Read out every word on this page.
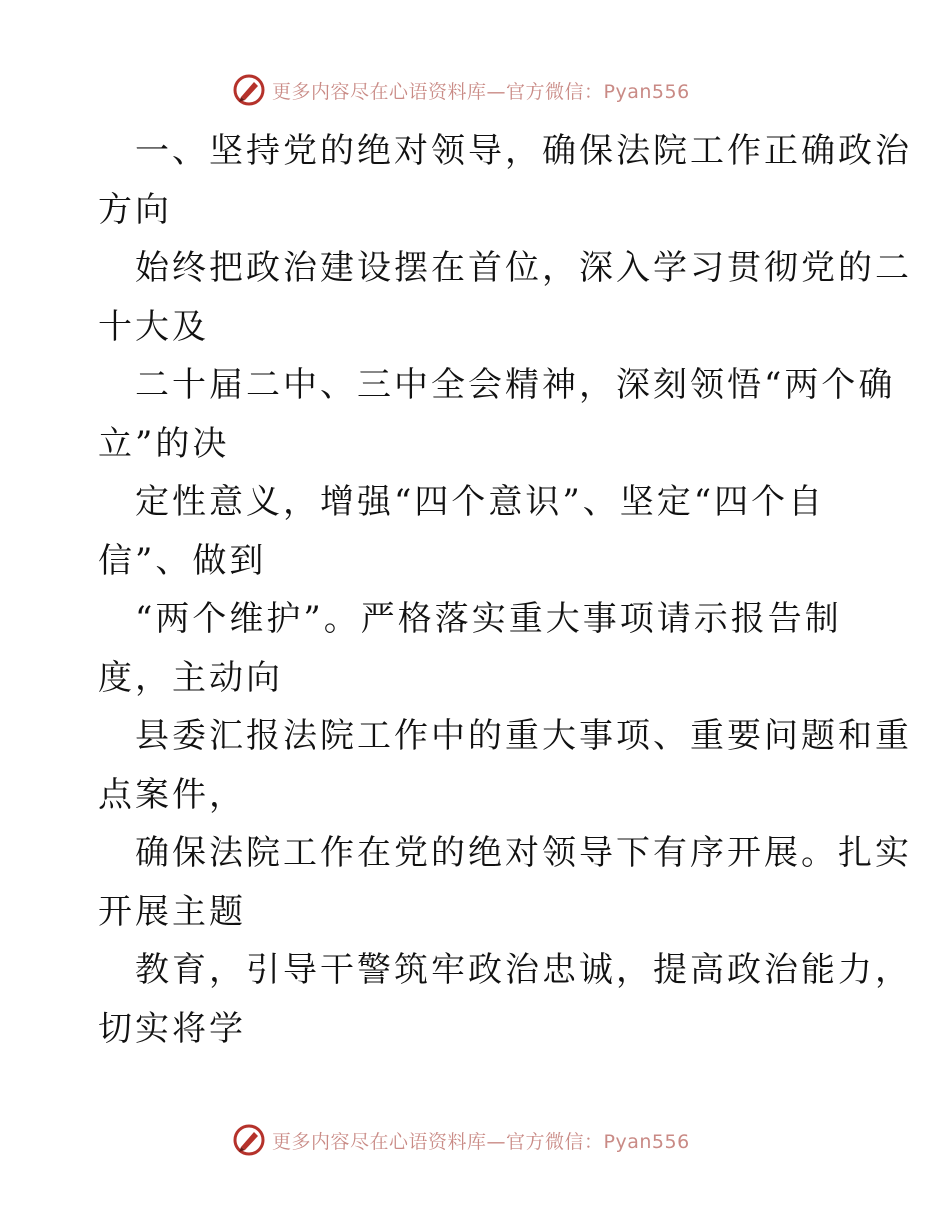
更多内容尽在心语资料库—官方微信：Pyan556
一、坚持党的绝对领导，确保法院工作正确政治
方向
始终把政治建设摆在首位，深入学习贯彻党的二
十大及
二十届二中、三中全会精神，深刻领悟“两个确
立”的决
定性意义，增强“四个意识”、坚定“四个自
信”、做到
“两个维护”。严格落实重大事项请示报告制
度，主动向
县委汇报法院工作中的重大事项、重要问题和重
点案件，
确保法院工作在党的绝对领导下有序开展。扎实
开展主题
教育，引导干警筑牢政治忠诚，提高政治能力，
切实将学
更多内容尽在心语资料库—官方微信：Pyan556
